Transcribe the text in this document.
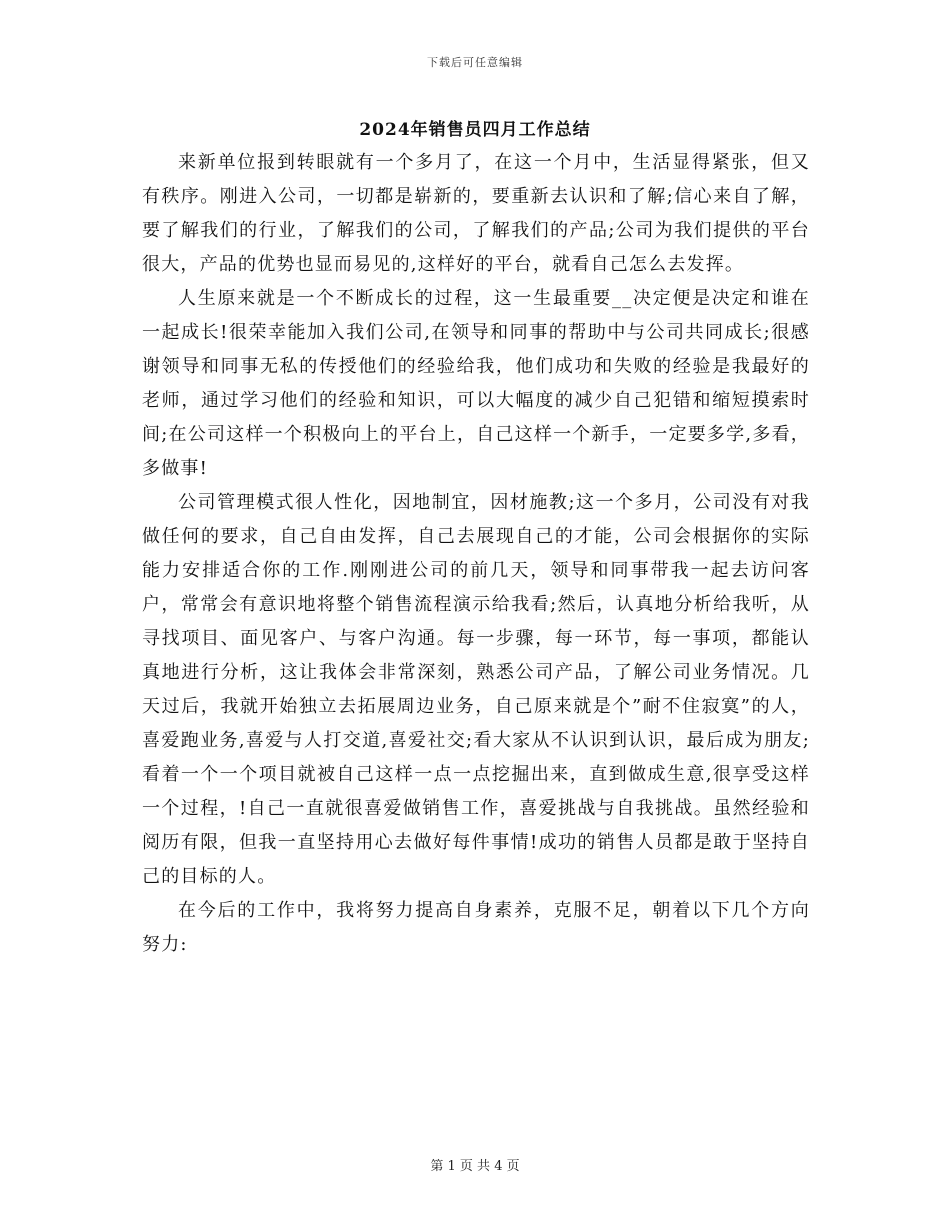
下载后可任意编辑
2024年销售员四月工作总结

来新单位报到转眼就有一个多月了，在这一个月中，生活显得紧张，但又有秩序。刚进入公司，一切都是崭新的，要重新去认识和了解;信心来自了解，要了解我们的行业，了解我们的公司，了解我们的产品;公司为我们提供的平台很大，产品的优势也显而易见的,这样好的平台，就看自己怎么去发挥。

人生原来就是一个不断成长的过程，这一生最重要__决定便是决定和谁在一起成长!很荣幸能加入我们公司,在领导和同事的帮助中与公司共同成长;很感谢领导和同事无私的传授他们的经验给我，他们成功和失败的经验是我最好的老师，通过学习他们的经验和知识，可以大幅度的减少自己犯错和缩短摸索时间;在公司这样一个积极向上的平台上，自己这样一个新手，一定要多学,多看，多做事!

公司管理模式很人性化，因地制宜，因材施教;这一个多月，公司没有对我做任何的要求，自己自由发挥，自己去展现自己的才能，公司会根据你的实际能力安排适合你的工作.刚刚进公司的前几天，领导和同事带我一起去访问客户，常常会有意识地将整个销售流程演示给我看;然后，认真地分析给我听，从寻找项目、面见客户、与客户沟通。每一步骤，每一环节，每一事项，都能认真地进行分析，这让我体会非常深刻，熟悉公司产品，了解公司业务情况。几天过后，我就开始独立去拓展周边业务，自己原来就是个”耐不住寂寞”的人，喜爱跑业务,喜爱与人打交道,喜爱社交;看大家从不认识到认识，最后成为朋友;看着一个一个项目就被自己这样一点一点挖掘出来，直到做成生意,很享受这样一个过程，!自己一直就很喜爱做销售工作，喜爱挑战与自我挑战。虽然经验和阅历有限，但我一直坚持用心去做好每件事情!成功的销售人员都是敢于坚持自己的目标的人。

在今后的工作中，我将努力提高自身素养，克服不足，朝着以下几个方向努力:

第 1 页 共 4 页
